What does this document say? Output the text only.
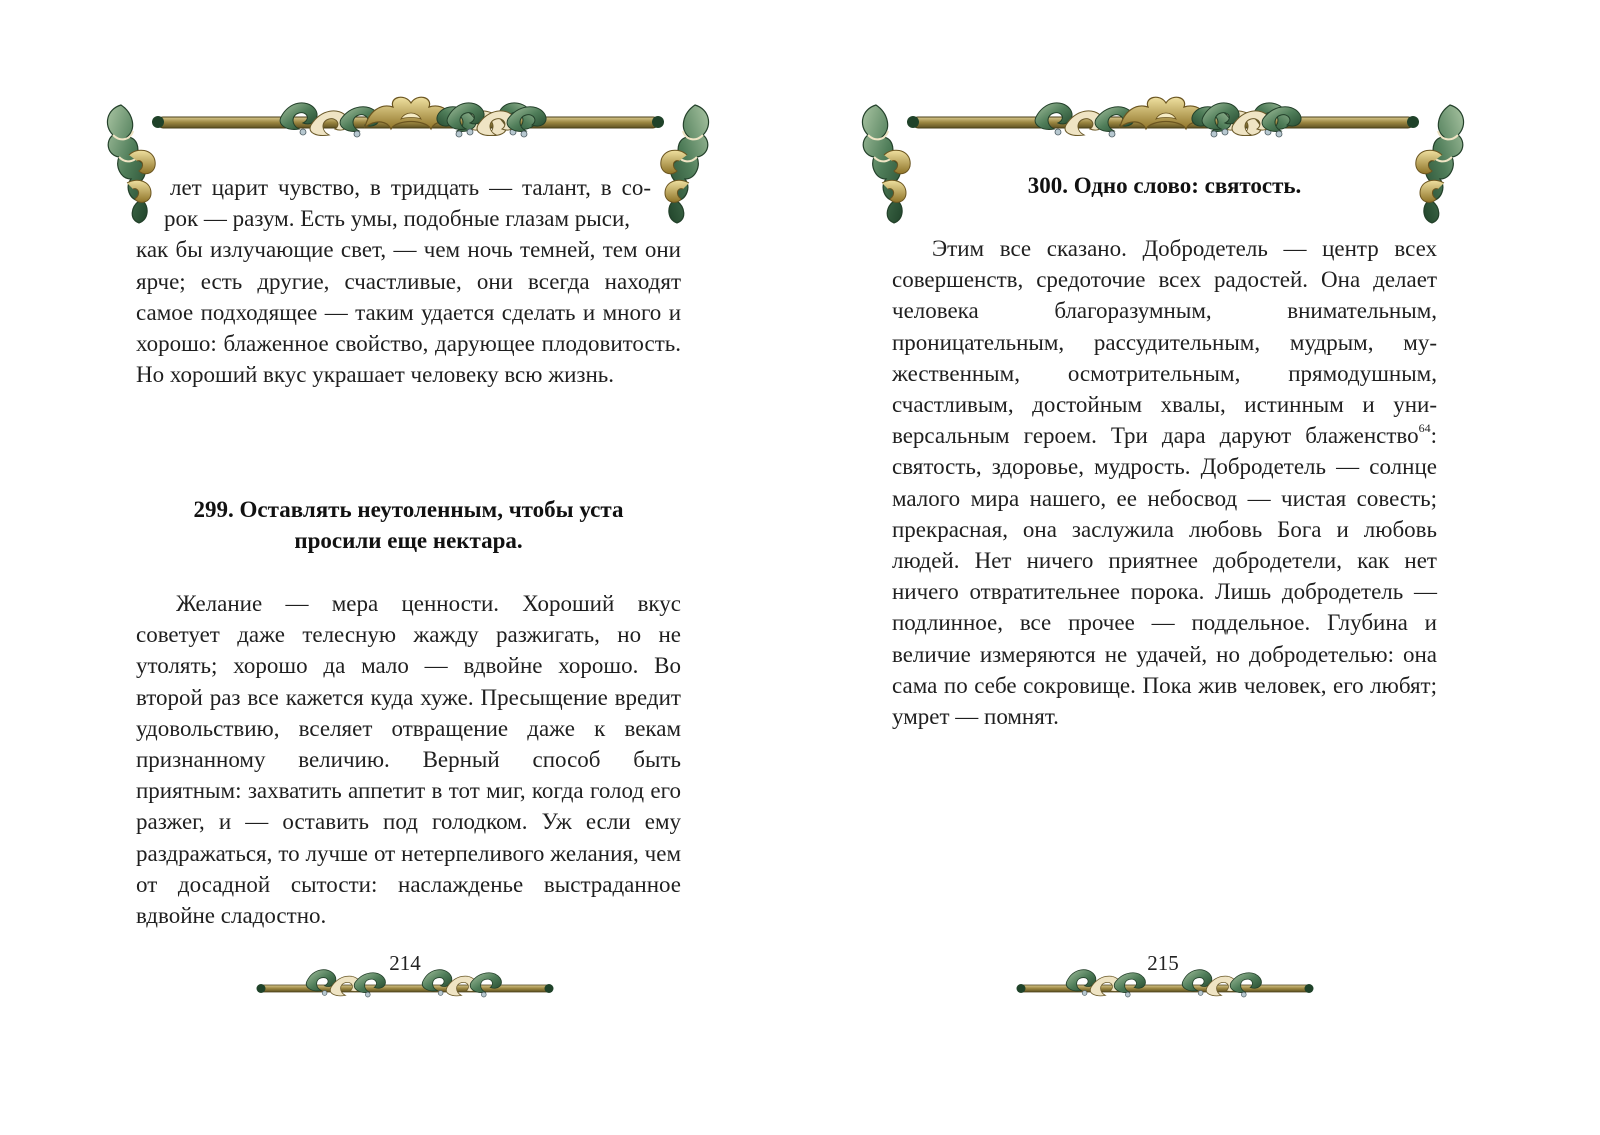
лет царит чувство, в тридцать — талант, в со-
рок — разум. Есть умы, подобные глазам рыси,
как бы излучающие свет, — чем ночь темней, тем они ярче; есть другие, счастливые, они всегда находят самое подходящее — таким удается сделать и много и хорошо: блаженное свойство, дарующее плодовитость. Но хороший вкус украшает человеку всю жизнь.
299. Оставлять неутоленным, чтобы уста
просили еще нектара.

Желание — мера ценности. Хороший вкус советует даже телесную жажду разжигать, но не утолять; хорошо да мало — вдвойне хорошо. Во второй раз все кажется куда хуже. Пресыщение вредит удовольствию, вселяет отвращение даже к векам признанному величию. Верный способ быть приятным: захватить аппетит в тот миг, когда голод его разжег, и — оставить под голодком. Уж если ему раздражаться, то лучше от нетерпеливого желания, чем от досадной сытости: наслажденье выстраданное вдвойне сладостно.

214
300. Одно слово: святость.

Этим все сказано. Добродетель — центр всех совершенств, средоточие всех радостей. Она делает человека благоразумным, внимательным, проницательным, рассудительным, мудрым, мужественным, осмотрительным, прямодушным, счастливым, достойным хвалы, истинным и универсальным героем. Три дара даруют блаженство$^{64}$: святость, здоровье, мудрость. Добродетель — солнце малого мира нашего, ее небосвод — чистая совесть; прекрасная, она заслужила любовь Бога и любовь людей. Нет ничего приятнее добродетели, как нет ничего отвратительнее порока. Лишь добродетель — подлинное, все прочее — поддельное. Глубина и величие измеряются не удачей, но добродетелью: она сама по себе сокровище. Пока жив человек, его любят; умрет — помнят.

215
